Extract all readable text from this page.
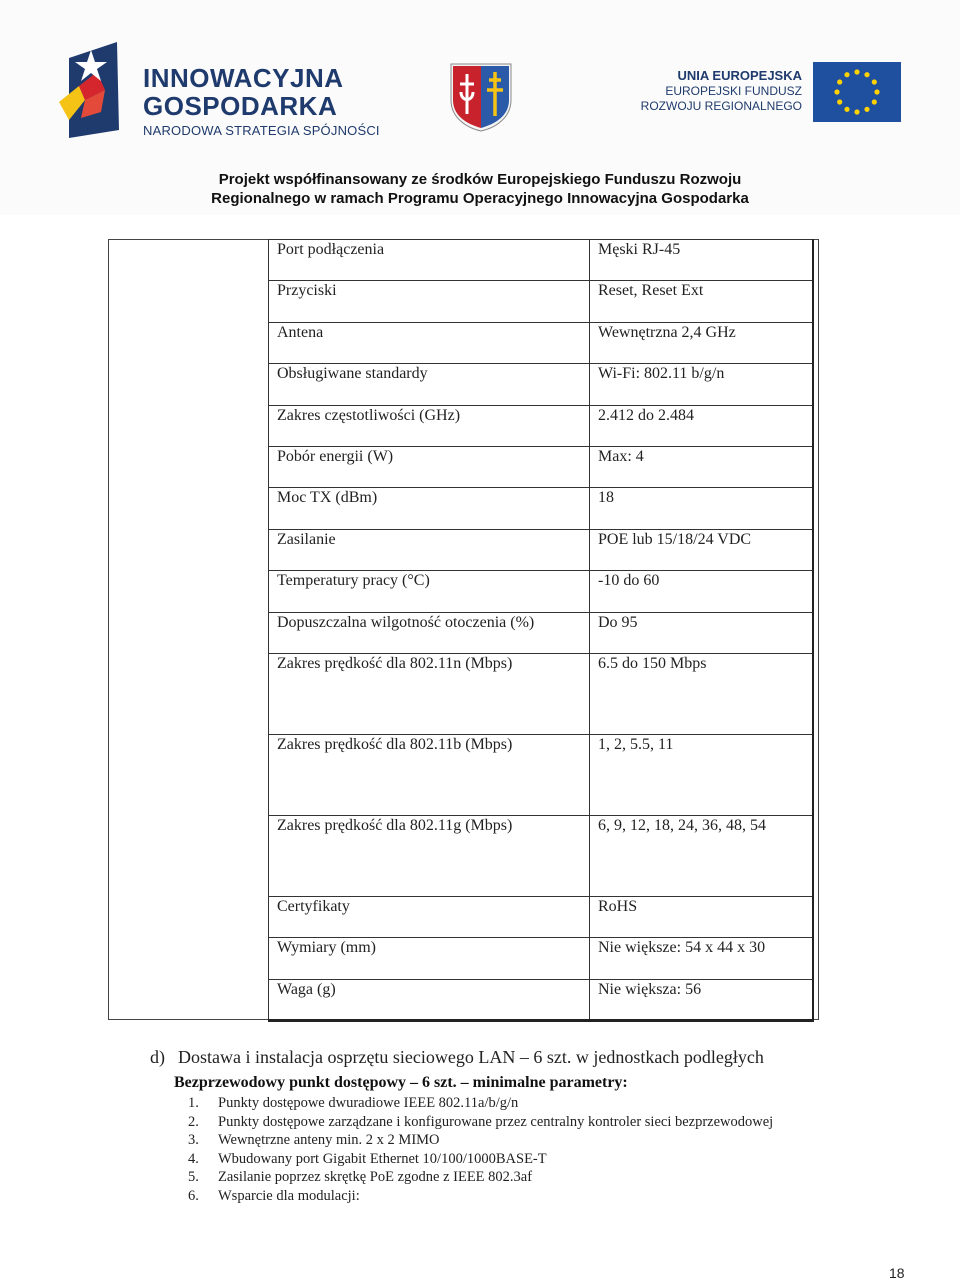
INNOWACYJNA
GOSPODARKA
NARODOWA STRATEGIA SPÓJNOŚCI
UNIA EUROPEJSKA
EUROPEJSKI FUNDUSZ
ROZWOJU REGIONALNEGO
Projekt współfinansowany ze środków Europejskiego Funduszu Rozwoju
Regionalnego w ramach Programu Operacyjnego Innowacyjna Gospodarka
Port podłączenia	Męski RJ-45
Przyciski	Reset, Reset Ext
Antena	Wewnętrzna 2,4 GHz
Obsługiwane standardy	Wi-Fi: 802.11 b/g/n
Zakres częstotliwości (GHz)	2.412 do 2.484
Pobór energii (W)	Max: 4
Moc TX (dBm)	18
Zasilanie	POE lub 15/18/24 VDC
Temperatury pracy (°C)	-10 do 60
Dopuszczalna wilgotność otoczenia (%)	Do 95
Zakres prędkość dla 802.11n (Mbps)	6.5 do 150 Mbps
Zakres prędkość dla 802.11b (Mbps)	1, 2, 5.5, 11
Zakres prędkość dla 802.11g (Mbps)	6, 9, 12, 18, 24, 36, 48, 54
Certyfikaty	RoHS
Wymiary (mm)	Nie większe: 54 x 44 x 30
Waga (g)	Nie większa: 56
d) Dostawa i instalacja osprzętu sieciowego LAN – 6 szt. w jednostkach podległych
Bezprzewodowy punkt dostępowy – 6 szt. – minimalne parametry:
1. Punkty dostępowe dwuradiowe IEEE 802.11a/b/g/n
2. Punkty dostępowe zarządzane i konfigurowane przez centralny kontroler sieci bezprzewodowej
3. Wewnętrzne anteny min. 2 x 2 MIMO
4. Wbudowany port Gigabit Ethernet 10/100/1000BASE-T
5. Zasilanie poprzez skrętkę PoE zgodne z IEEE 802.3af
6. Wsparcie dla modulacji:
18
